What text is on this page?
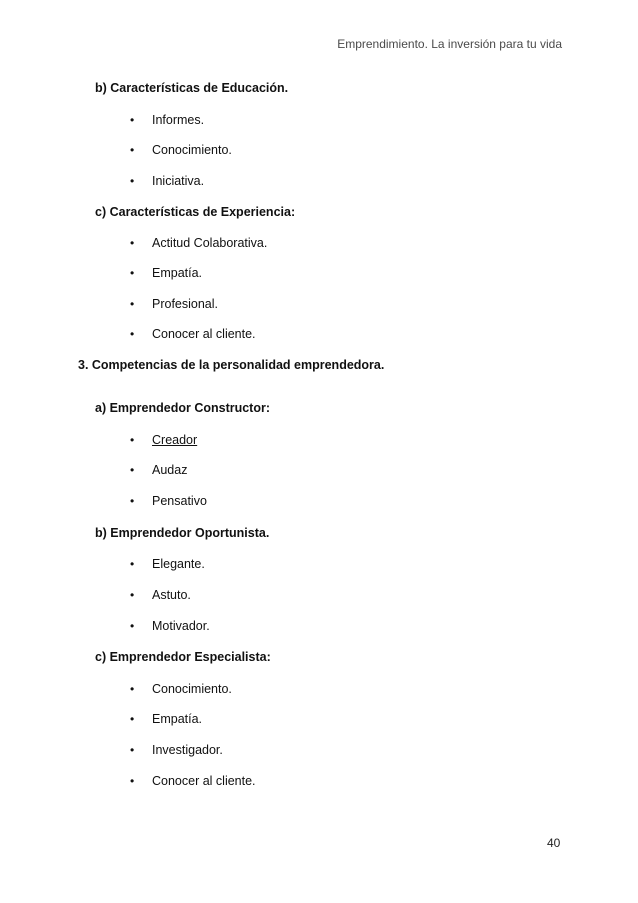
Emprendimiento. La inversión para tu vida
b) Características de Educación.
• Informes.
• Conocimiento.
• Iniciativa.
c) Características de Experiencia:
• Actitud Colaborativa.
• Empatía.
• Profesional.
• Conocer al cliente.
3. Competencias de la personalidad emprendedora.
a) Emprendedor Constructor:
• Creador
• Audaz
• Pensativo
b) Emprendedor Oportunista.
• Elegante.
• Astuto.
• Motivador.
c) Emprendedor Especialista:
• Conocimiento.
• Empatía.
• Investigador.
• Conocer al cliente.
40
